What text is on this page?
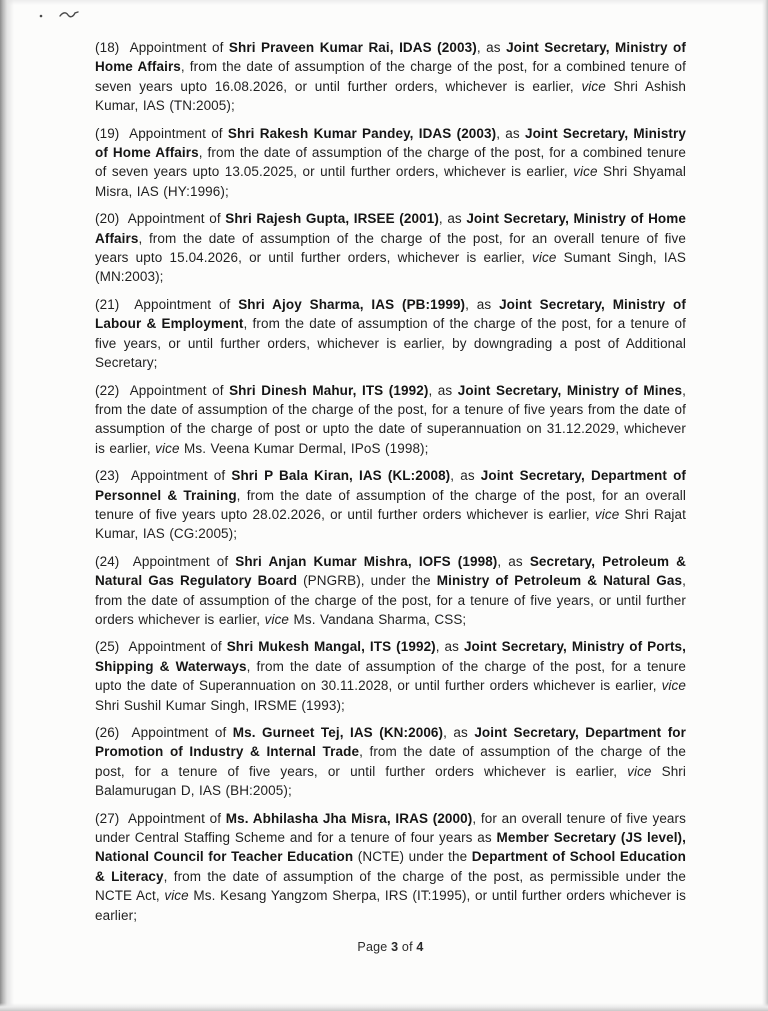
(18)  Appointment of Shri Praveen Kumar Rai, IDAS (2003), as Joint Secretary, Ministry of Home Affairs, from the date of assumption of the charge of the post, for a combined tenure of seven years upto 16.08.2026, or until further orders, whichever is earlier, vice Shri Ashish Kumar, IAS (TN:2005);

(19)  Appointment of Shri Rakesh Kumar Pandey, IDAS (2003), as Joint Secretary, Ministry of Home Affairs, from the date of assumption of the charge of the post, for a combined tenure of seven years upto 13.05.2025, or until further orders, whichever is earlier, vice Shri Shyamal Misra, IAS (HY:1996);

(20)  Appointment of Shri Rajesh Gupta, IRSEE (2001), as Joint Secretary, Ministry of Home Affairs, from the date of assumption of the charge of the post, for an overall tenure of five years upto 15.04.2026, or until further orders, whichever is earlier, vice Sumant Singh, IAS (MN:2003);

(21)  Appointment of Shri Ajoy Sharma, IAS (PB:1999), as Joint Secretary, Ministry of Labour & Employment, from the date of assumption of the charge of the post, for a tenure of five years, or until further orders, whichever is earlier, by downgrading a post of Additional Secretary;

(22)  Appointment of Shri Dinesh Mahur, ITS (1992), as Joint Secretary, Ministry of Mines, from the date of assumption of the charge of the post, for a tenure of five years from the date of assumption of the charge of post or upto the date of superannuation on 31.12.2029, whichever is earlier, vice Ms. Veena Kumar Dermal, IPoS (1998);

(23)  Appointment of Shri P Bala Kiran, IAS (KL:2008), as Joint Secretary, Department of Personnel & Training, from the date of assumption of the charge of the post, for an overall tenure of five years upto 28.02.2026, or until further orders whichever is earlier, vice Shri Rajat Kumar, IAS (CG:2005);

(24)  Appointment of Shri Anjan Kumar Mishra, IOFS (1998), as Secretary, Petroleum & Natural Gas Regulatory Board (PNGRB), under the Ministry of Petroleum & Natural Gas, from the date of assumption of the charge of the post, for a tenure of five years, or until further orders whichever is earlier, vice Ms. Vandana Sharma, CSS;

(25)  Appointment of Shri Mukesh Mangal, ITS (1992), as Joint Secretary, Ministry of Ports, Shipping & Waterways, from the date of assumption of the charge of the post, for a tenure upto the date of Superannuation on 30.11.2028, or until further orders whichever is earlier, vice Shri Sushil Kumar Singh, IRSME (1993);

(26)  Appointment of Ms. Gurneet Tej, IAS (KN:2006), as Joint Secretary, Department for Promotion of Industry & Internal Trade, from the date of assumption of the charge of the post, for a tenure of five years, or until further orders whichever is earlier, vice Shri Balamurugan D, IAS (BH:2005);

(27)  Appointment of Ms. Abhilasha Jha Misra, IRAS (2000), for an overall tenure of five years under Central Staffing Scheme and for a tenure of four years as Member Secretary (JS level), National Council for Teacher Education (NCTE) under the Department of School Education & Literacy, from the date of assumption of the charge of the post, as permissible under the NCTE Act, vice Ms. Kesang Yangzom Sherpa, IRS (IT:1995), or until further orders whichever is earlier;

Page 3 of 4
